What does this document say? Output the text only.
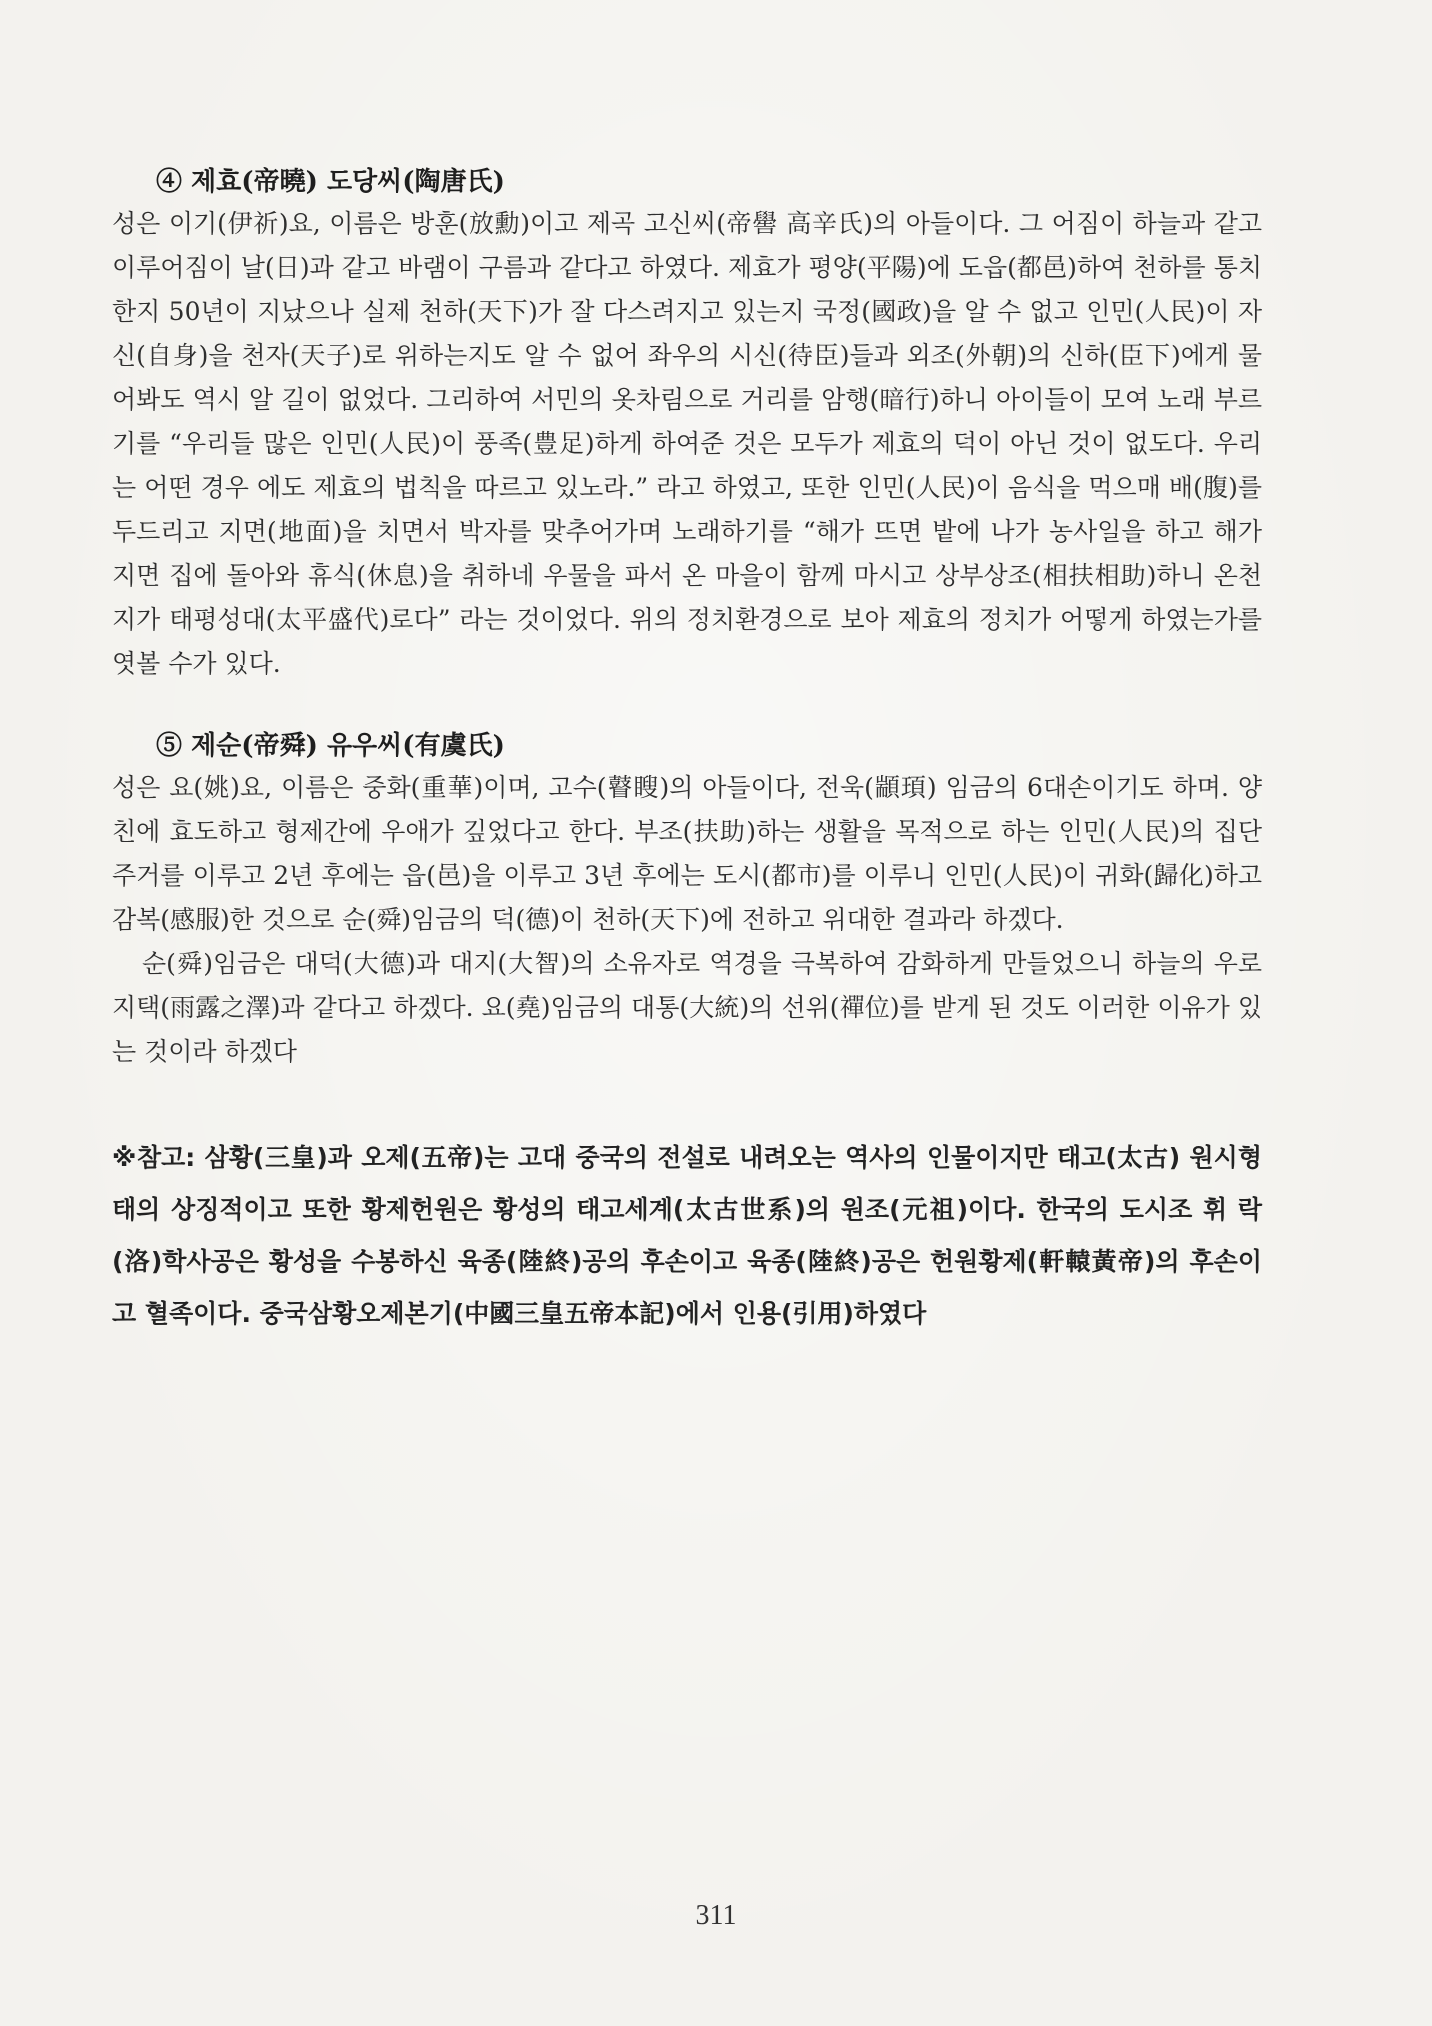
④ 제효(帝曉) 도당씨(陶唐氏)

성은 이기(伊祈)요, 이름은 방훈(放勳)이고 제곡 고신씨(帝嚳 高辛氏)의 아들이다. 그 어짐이 하늘과 같고 이루어짐이 날(日)과 같고 바램이 구름과 같다고 하였다. 제효가 평양(平陽)에 도읍(都邑)하여 천하를 통치한지 50년이 지났으나 실제 천하(天下)가 잘 다스려지고 있는지 국정(國政)을 알 수 없고 인민(人民)이 자신(自身)을 천자(天子)로 위하는지도 알 수 없어 좌우의 시신(待臣)들과 외조(外朝)의 신하(臣下)에게 물어봐도 역시 알 길이 없었다. 그리하여 서민의 옷차림으로 거리를 암행(暗行)하니 아이들이 모여 노래 부르기를 “우리들 많은 인민(人民)이 풍족(豊足)하게 하여준 것은 모두가 제효의 덕이 아닌 것이 없도다. 우리는 어떤 경우 에도 제효의 법칙을 따르고 있노라.” 라고 하였고, 또한 인민(人民)이 음식을 먹으매 배(腹)를 두드리고 지면(地面)을 치면서 박자를 맞추어가며 노래하기를 “해가 뜨면 밭에 나가 농사일을 하고 해가 지면 집에 돌아와 휴식(休息)을 취하네 우물을 파서 온 마을이 함께 마시고 상부상조(相扶相助)하니 온천지가 태평성대(太平盛代)로다” 라는 것이었다. 위의 정치환경으로 보아 제효의 정치가 어떻게 하였는가를 엿볼 수가 있다.

⑤ 제순(帝舜) 유우씨(有虞氏)

성은 요(姚)요, 이름은 중화(重華)이며, 고수(瞽瞍)의 아들이다, 전욱(顓頊) 임금의 6대손이기도 하며. 양친에 효도하고 형제간에 우애가 깊었다고 한다. 부조(扶助)하는 생활을 목적으로 하는 인민(人民)의 집단주거를 이루고 2년 후에는 읍(邑)을 이루고 3년 후에는 도시(都市)를 이루니 인민(人民)이 귀화(歸化)하고 감복(感服)한 것으로 순(舜)임금의 덕(德)이 천하(天下)에 전하고 위대한 결과라 하겠다.

순(舜)임금은 대덕(大德)과 대지(大智)의 소유자로 역경을 극복하여 감화하게 만들었으니 하늘의 우로지택(雨露之澤)과 같다고 하겠다. 요(堯)임금의 대통(大統)의 선위(禪位)를 받게 된 것도 이러한 이유가 있는 것이라 하겠다

※참고: 삼황(三皇)과 오제(五帝)는 고대 중국의 전설로 내려오는 역사의 인물이지만 태고(太古) 원시형태의 상징적이고 또한 황제헌원은 황성의 태고세계(太古世系)의 원조(元祖)이다. 한국의 도시조 휘 락(洛)학사공은 황성을 수봉하신 육종(陸終)공의 후손이고 육종(陸終)공은 헌원황제(軒轅黃帝)의 후손이고 혈족이다. 중국삼황오제본기(中國三皇五帝本記)에서 인용(引用)하였다

311
